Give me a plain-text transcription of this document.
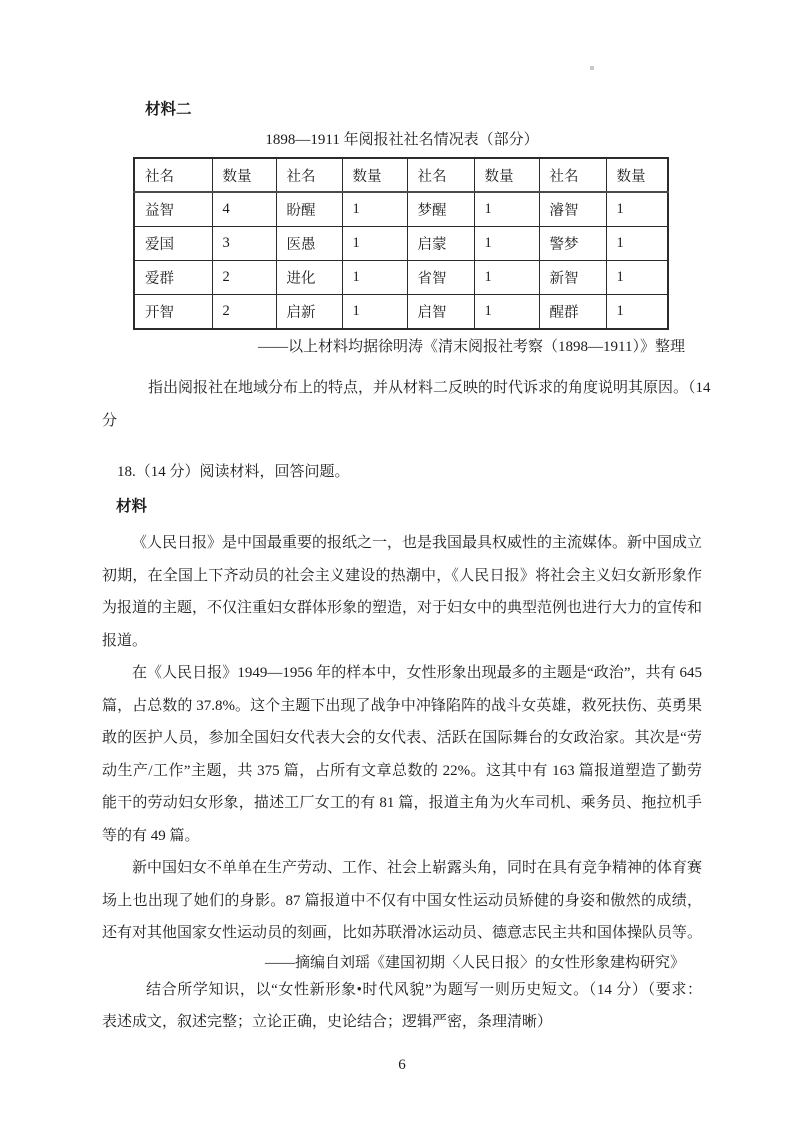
材料二
1898—1911 年阅报社社名情况表（部分）
社名	数量	社名	数量	社名	数量	社名	数量
益智	4	盼醒	1	梦醒	1	濬智	1
爱国	3	医愚	1	启蒙	1	警梦	1
爱群	2	进化	1	省智	1	新智	1
开智	2	启新	1	启智	1	醒群	1
——以上材料均据徐明涛《清末阅报社考察（1898—1911）》整理
指出阅报社在地域分布上的特点，并从材料二反映的时代诉求的角度说明其原因。（14
分
18.（14 分）阅读材料，回答问题。
材料
《人民日报》是中国最重要的报纸之一，也是我国最具权威性的主流媒体。新中国成立
初期，在全国上下齐动员的社会主义建设的热潮中，《人民日报》将社会主义妇女新形象作
为报道的主题，不仅注重妇女群体形象的塑造，对于妇女中的典型范例也进行大力的宣传和
报道。
在《人民日报》1949—1956 年的样本中，女性形象出现最多的主题是“政治”，共有 645
篇，占总数的 37.8%。这个主题下出现了战争中冲锋陷阵的战斗女英雄，救死扶伤、英勇果
敢的医护人员，参加全国妇女代表大会的女代表、活跃在国际舞台的女政治家。其次是“劳
动生产/工作”主题，共 375 篇，占所有文章总数的 22%。这其中有 163 篇报道塑造了勤劳
能干的劳动妇女形象，描述工厂女工的有 81 篇，报道主角为火车司机、乘务员、拖拉机手
等的有 49 篇。
新中国妇女不单单在生产劳动、工作、社会上崭露头角，同时在具有竞争精神的体育赛
场上也出现了她们的身影。87 篇报道中不仅有中国女性运动员矫健的身姿和傲然的成绩，
还有对其他国家女性运动员的刻画，比如苏联滑冰运动员、德意志民主共和国体操队员等。
——摘编自刘瑶《建国初期〈人民日报〉的女性形象建构研究》
结合所学知识，以“女性新形象•时代风貌”为题写一则历史短文。（14 分）（要求：
表述成文，叙述完整；立论正确，史论结合；逻辑严密，条理清晰）
6
